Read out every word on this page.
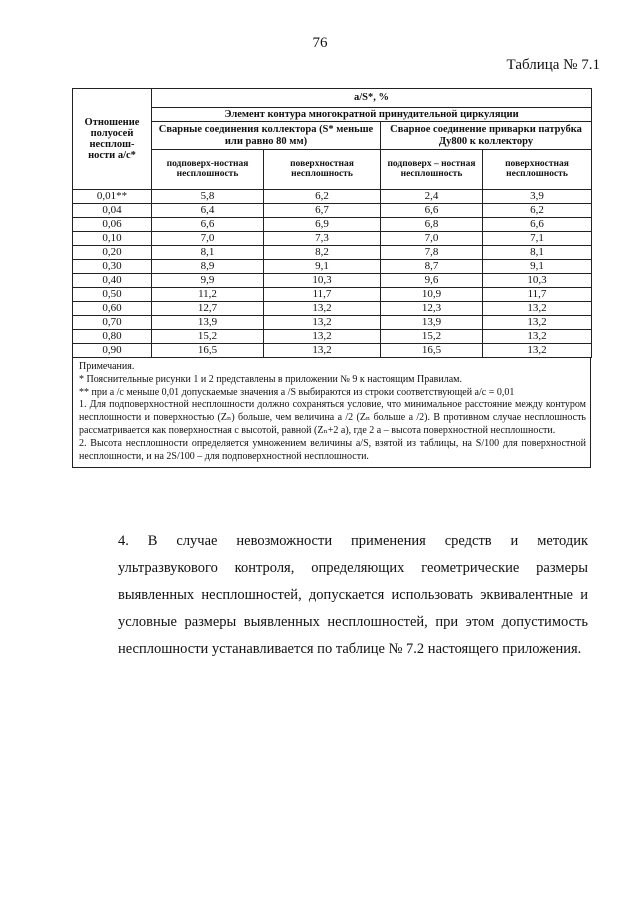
76
Таблица № 7.1
Отношение полуосей несплош-ности a/c*	a/S*, %			
	Элемент контура многократной принудительной циркуляции			
	Сварные соединения коллектора (S* меньше или равно 80 мм)		Сварное соединение приварки патрубка Ду800 к коллектору	
	подповерх-ностная несплошность	поверхностная несплошность	подповерх – ностная несплошность	поверхностная несплошность
0,01**	5,8	6,2	2,4	3,9
0,04	6,4	6,7	6,6	6,2
0,06	6,6	6,9	6,8	6,6
0,10	7,0	7,3	7,0	7,1
0,20	8,1	8,2	7,8	8,1
0,30	8,9	9,1	8,7	9,1
0,40	9,9	10,3	9,6	10,3
0,50	11,2	11,7	10,9	11,7
0,60	12,7	13,2	12,3	13,2
0,70	13,9	13,2	13,9	13,2
0,80	15,2	13,2	15,2	13,2
0,90	16,5	13,2	16,5	13,2

Примечания.

* Пояснительные рисунки 1 и 2 представлены в приложении № 9 к настоящим Правилам.

** при a /c меньше 0,01 допускаемые значения a /S выбираются из строки соответствующей a/c = 0,01

1. Для подповерхностной несплошности должно сохраняться условие, что минимальное расстояние между контуром несплошности и поверхностью (Zₙ) больше, чем величина a /2 (Zₙ больше a /2). В противном случае несплошность рассматривается как поверхностная с высотой, равной (Zₙ+2 a), где 2 a – высота поверхностной несплошности.

2. Высота несплошности определяется умножением величины a/S, взятой из таблицы, на S/100 для поверхностной несплошности, и на 2S/100 – для подповерхностной несплошности.

4. В случае невозможности применения средств и методик
ультразвукового контроля, определяющих геометрические размеры
выявленных несплошностей, допускается использовать эквивалентные и
условные размеры выявленных несплошностей, при этом допустимость
несплошности устанавливается по таблице № 7.2 настоящего приложения.
